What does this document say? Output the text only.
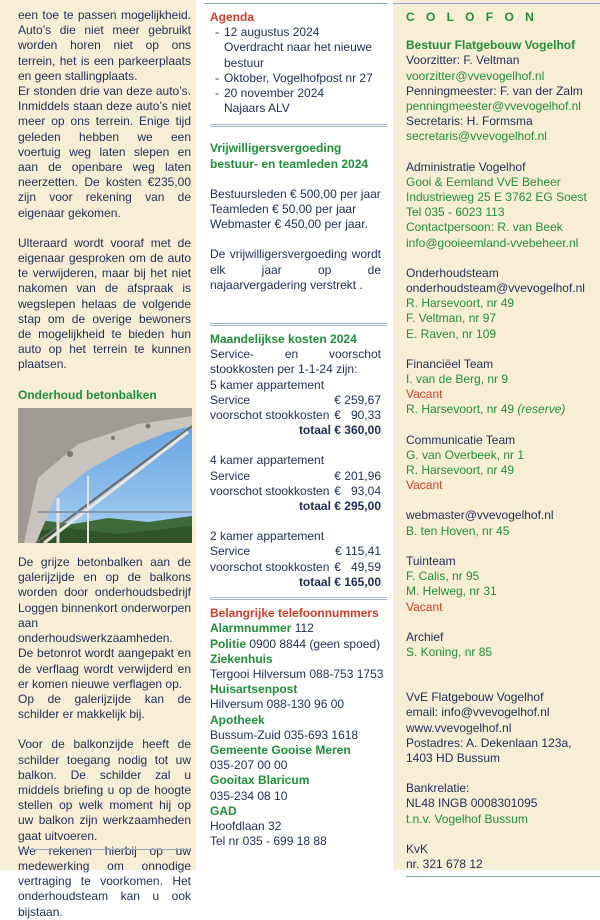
een toe te passen mogelijkheid. Auto’s die niet meer gebruikt worden horen niet op ons terrein, het is een parkeerplaats en geen stallingplaats.

Er stonden drie van deze auto’s. Inmiddels staan deze auto’s niet meer op ons terrein. Enige tijd geleden hebben we een voertuig weg laten slepen en aan de openbare weg laten neerzetten. De kosten €235,00 zijn voor rekening van de eigenaar gekomen.

Ulteraard wordt vooraf met de eigenaar gesproken om de auto te verwijderen, maar bij het niet nakomen van de afspraak is wegslepen helaas de volgende stap om de overige bewoners de mogelijkheid te bieden hun auto op het terrein te kunnen plaatsen.

Onderhoud betonbalken

De grijze betonbalken aan de galerijzijde en op de balkons worden door onderhoudsbedrijf Loggen binnenkort onderworpen aan onderhoudswerkzaamheden.

De betonrot wordt aangepakt en de verflaag wordt verwijderd en er komen nieuwe verflagen op.

Op de galerijzijde kan de schilder er makkelijk bij.

Voor de balkonzijde heeft de schilder toegang nodig tot uw balkon. De schilder zal u middels briefing u op de hoogte stellen op welk moment hij op uw balkon zijn werkzaamheden gaat uitvoeren.

We rekenen hierbij op uw medewerking om onnodige vertraging te voorkomen. Het onderhoudsteam kan u ook bijstaan.

Agenda
- 12 augustus 2024
Overdracht naar het nieuwe bestuur
- Oktober, Vogelhofpost nr 27
- 20 november 2024
Najaars ALV
Vrijwilligersvergoeding bestuur- en teamleden 2024
Bestuursleden € 500,00 per jaar
Teamleden € 50,00 per jaar
Webmaster € 450,00 per jaar.
De vrijwilligersvergoeding wordt elk jaar op de najaarvergadering verstrekt .
Maandelijkse kosten 2024
Service- en voorschot stookkosten per 1-1-24 zijn:
5 kamer appartement
Service	€ 259,67
voorschot stookkosten €   90,33
totaal € 360,00
4 kamer appartement
Service	€ 201,96
voorschot stookkosten €   93,04
totaal € 295,00
2 kamer appartement
Service	€ 115,41
voorschot stookkosten €   49,59
totaal € 165,00
Belangrijke telefoonnummers
Alarmnummer 112
Politie 0900 8844 (geen spoed)
Ziekenhuis
Tergooi Hilversum 088-753 1753
Huisartsenpost
Hilversum 088-130 96 00
Apotheek
Bussum-Zuid 035-693 1618
Gemeente Gooise Meren
035-207 00 00
Gooitax Blaricum
035-234 08 10
GAD
Hoofdlaan 32
Tel nr 035 - 699 18 88
C O L O F O N
Bestuur Flatgebouw Vogelhof
Voorzitter: F. Veltman
voorzitter@vvevogelhof.nl
Penningmeester: F. van der Zalm
penningmeester@vvevogelhof.nl
Secretaris: H. Formsma
secretaris@vvevogelhof.nl
Administratie Vogelhof
Gooi & Eemland VvE Beheer
Industrieweg 25 E 3762 EG Soest
Tel 035 - 6023 113
Contactpersoon: R. van Beek
info@gooieemland-vvebeheer.nl
Onderhoudsteam
onderhoudsteam@vvevogelhof.nl
R. Harsevoort, nr 49
F. Veltman, nr 97
E. Raven, nr 109
Financiëel Team
I. van de Berg, nr 9
Vacant
R. Harsevoort, nr 49 (reserve)
Communicatie Team
G. van Overbeek, nr 1
R. Harsevoort, nr 49
Vacant
webmaster@vvevogelhof.nl
B. ten Hoven, nr 45
Tuinteam
F. Calis, nr 95
M. Helweg, nr 31
Vacant
Archief
S. Koning, nr 85
VvE Flatgebouw Vogelhof
email: info@vvevogelhof.nl
www.vvevogelhof.nl
Postadres: A. Dekenlaan 123a,
1403 HD Bussum
Bankrelatie:
NL48 INGB 0008301095
t.n.v. Vogelhof Bussum
KvK
nr. 321 678 12
